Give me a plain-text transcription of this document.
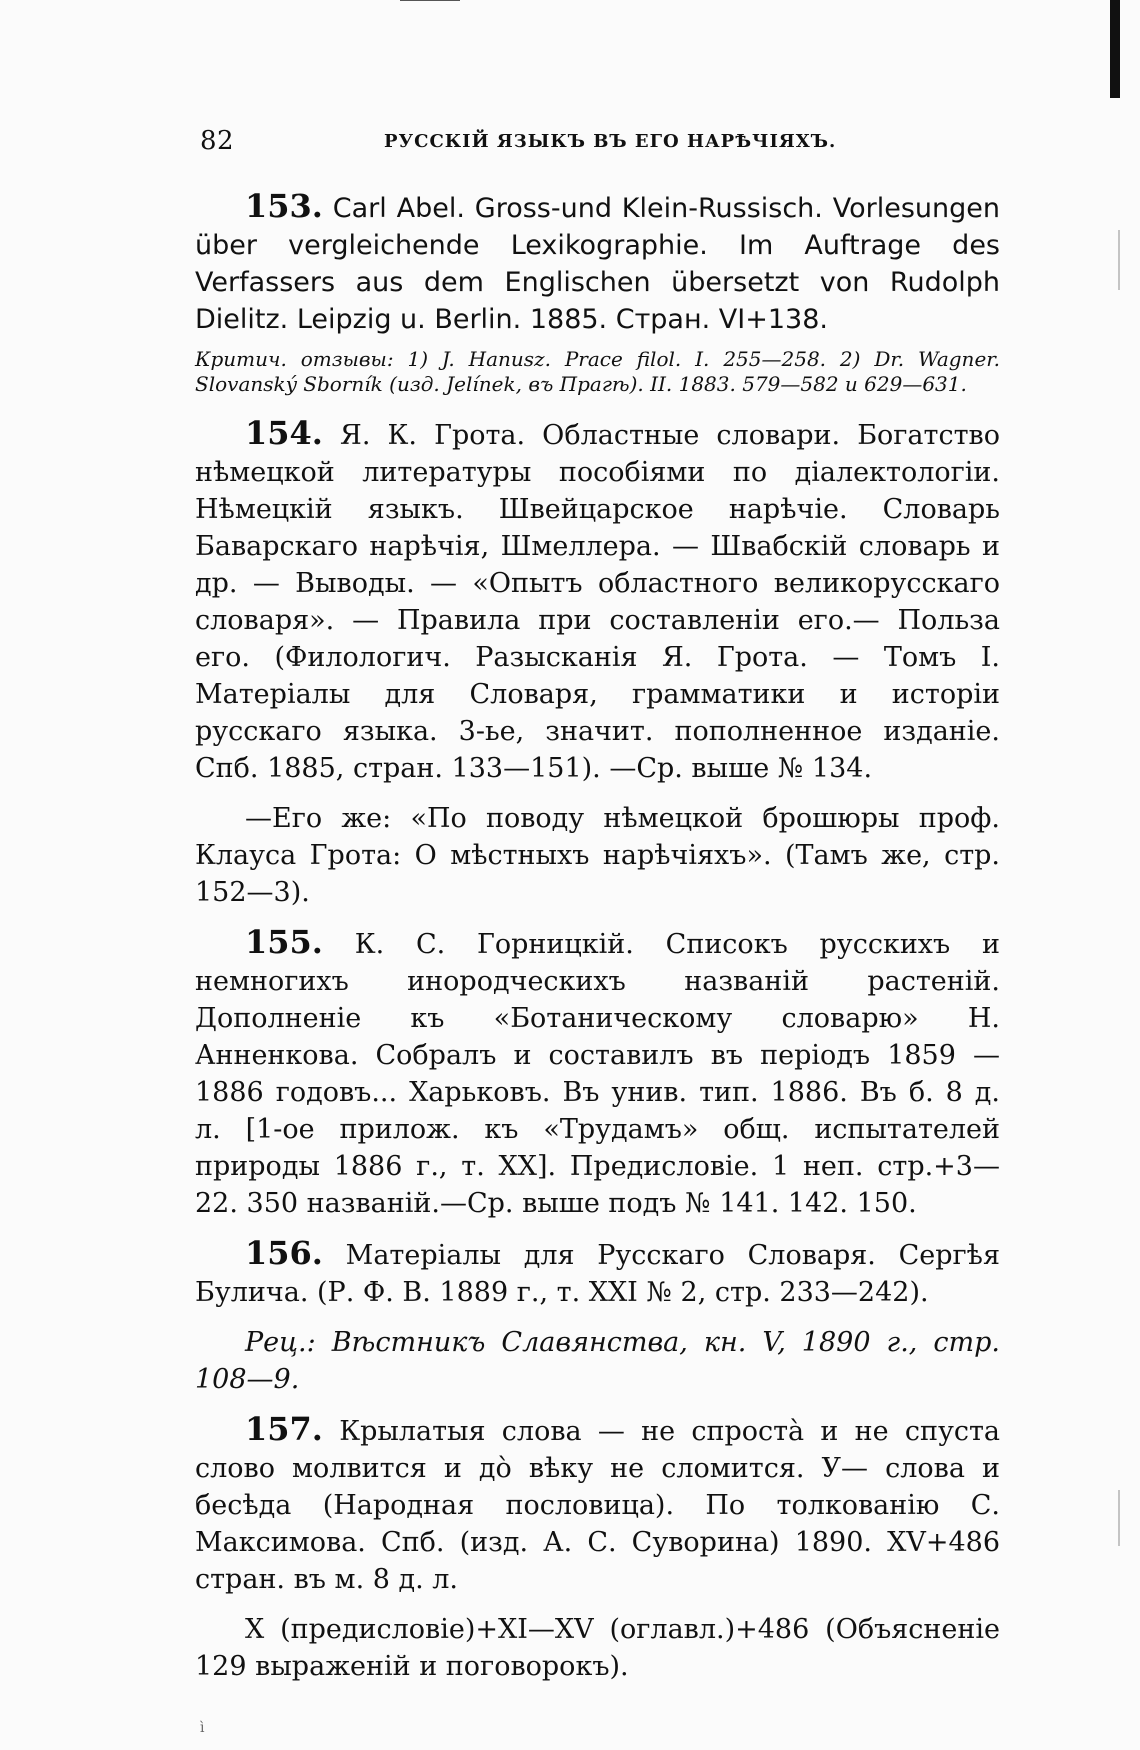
82	РУССКІЙ ЯЗЫКЪ ВЪ ЕГО НАРѢЧІЯХЪ.
153. Carl Abel. Gross-und Klein-Russisch. Vorlesungen über vergleichende Lexikographie. Im Auftrage des Verfassers aus dem Englischen übersetzt von Rudolph Dielitz. Leipzig u. Berlin. 1885. Стран. VI+138.
Критич. отзывы: 1) J. Hanusz. Prace filol. I. 255—258. 2) Dr. Wagner. Slovanský Sborník (изд. Jelínek, въ Прагѣ). II. 1883. 579—582 и 629—631.
154. Я. К. Грота. Областные словари. Богатство нѣмецкой литературы пособіями по діалектологіи. Нѣмецкій языкъ. Швейцарское нарѣчіе. Словарь Баварскаго нарѣчія, Шмеллера. — Швабскій словарь и др. — Выводы. — «Опытъ областного великорусскаго словаря». — Правила при составленіи его.— Польза его. (Филологич. Разысканія Я. Грота. — Томъ I. Матеріалы для Словаря, грамматики и исторіи русскаго языка. 3-ье, значит. пополненное изданіе. Спб. 1885, стран. 133—151). —Ср. выше № 134.
—Его же: «По поводу нѣмецкой брошюры проф. Клауса Грота: О мѣстныхъ нарѣчіяхъ». (Тамъ же, стр. 152—3).
155. К. С. Горницкій. Списокъ русскихъ и немногихъ инородческихъ названій растеній. Дополненіе къ «Ботаническому словарю» Н. Анненкова. Собралъ и составилъ въ періодъ 1859 — 1886 годовъ... Харьковъ. Въ унив. тип. 1886. Въ б. 8 д. л. [1-ое прилож. къ «Трудамъ» общ. испытателей природы 1886 г., т. XX]. Предисловіе. 1 неп. стр.+3—22. 350 названій.—Ср. выше подъ № 141. 142. 150.
156. Матеріалы для Русскаго Словаря. Сергѣя Булича. (Р. Ф. В. 1889 г., т. XXI № 2, стр. 233—242).
Рец.: Вѣстникъ Славянства, кн. V, 1890 г., стр. 108—9.
157. Крылатыя слова — не спростà и не спустa слово молвится и дò вѣку не сломится. У— слова и бесѣда (Народная пословица). По толкованію С. Максимова. Спб. (изд. А. С. Суворина) 1890. XV+486 стран. въ м. 8 д. л.
X (предисловіе)+XI—XV (оглавл.)+486 (Объясненіе 129 выраженій и поговорокъ).
ì
